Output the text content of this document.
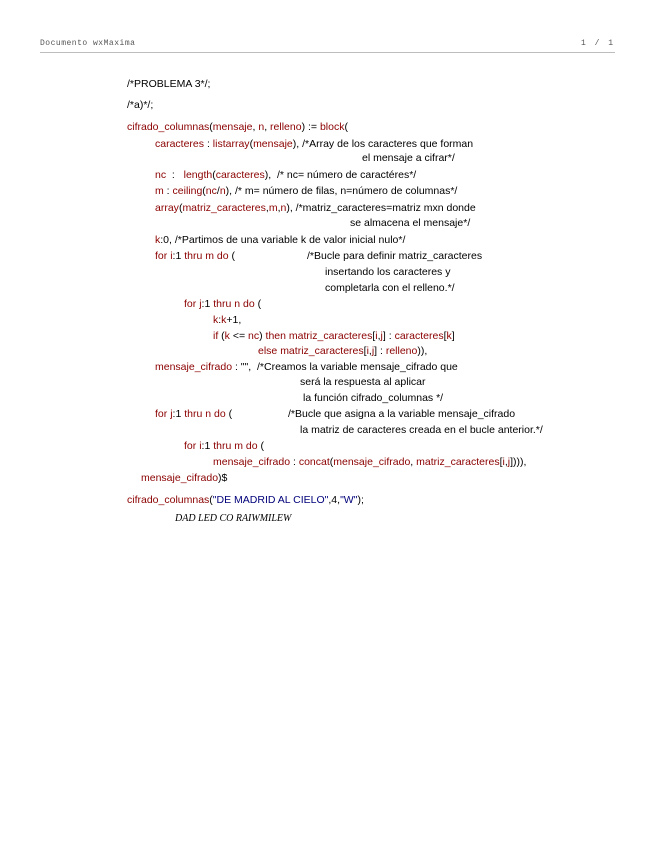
Documento wxMaxima	1 / 1
/*PROBLEMA 3*/;
/*a)*/;
cifrado_columnas(mensaje, n, relleno) := block(
caracteres : listarray(mensaje), /*Array de los caracteres que forman
el mensaje a cifrar*/
nc  :   length(caracteres),  /* nc= número de caractéres*/
m : ceiling(nc/n), /* m= número de filas, n=número de columnas*/
array(matriz_caracteres,m,n), /*matriz_caracteres=matriz mxn donde
se almacena el mensaje*/
k:0, /*Partimos de una variable k de valor inicial nulo*/
for i:1 thru m do (	/*Bucle para definir matriz_caracteres
insertando los caracteres y
completarla con el relleno.*/
for j:1 thru n do (
k:k+1,
if (k <= nc) then matriz_caracteres[i,j] : caracteres[k]
else matriz_caracteres[i,j] : relleno)),
mensaje_cifrado : "",  /*Creamos la variable mensaje_cifrado que
será la respuesta al aplicar
la función cifrado_columnas */
for j:1 thru n do (	/*Bucle que asigna a la variable mensaje_cifrado
la matriz de caracteres creada en el bucle anterior.*/
for i:1 thru m do (
mensaje_cifrado : concat(mensaje_cifrado, matriz_caracteres[i,j]))),
mensaje_cifrado)$
cifrado_columnas("DE MADRID AL CIELO",4,"W");
DAD LED CO RAIWMILEW
